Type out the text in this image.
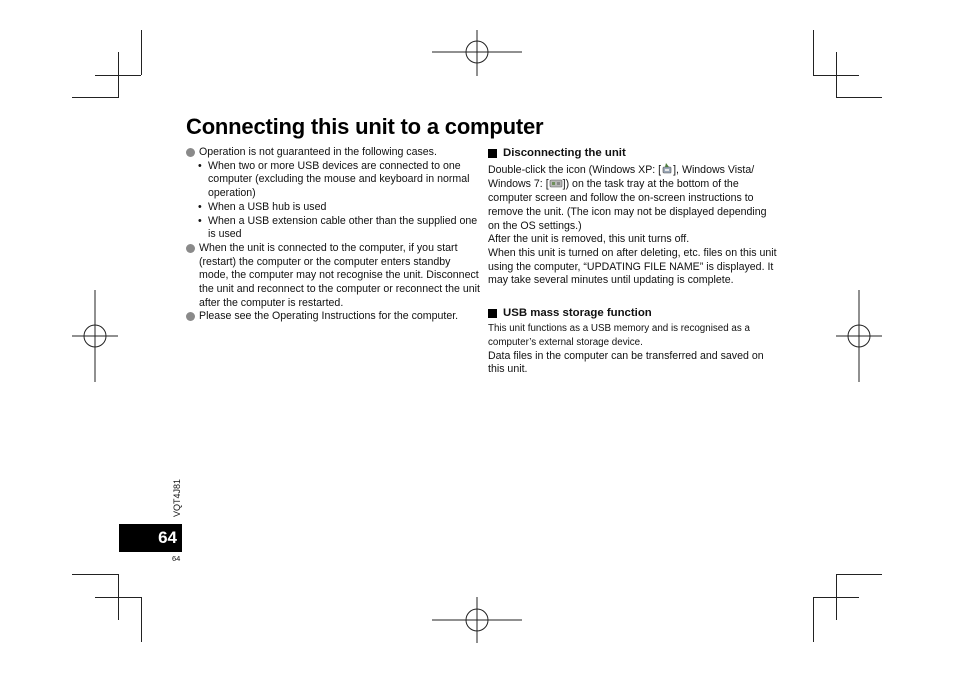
Connecting this unit to a computer
Operation is not guaranteed in the following cases.
• When two or more USB devices are connected to one computer (excluding the mouse and keyboard in normal operation)
• When a USB hub is used
• When a USB extension cable other than the supplied one is used
When the unit is connected to the computer, if you start (restart) the computer or the computer enters standby mode, the computer may not recognise the unit. Disconnect the unit and reconnect to the computer or reconnect the unit after the computer is restarted.
Please see the Operating Instructions for the computer.
Disconnecting the unit
Double-click the icon (Windows XP: [ ], Windows Vista/ Windows 7: [ ]) on the task tray at the bottom of the computer screen and follow the on-screen instructions to remove the unit. (The icon may not be displayed depending on the OS settings.)
After the unit is removed, this unit turns off.
When this unit is turned on after deleting, etc. files on this unit using the computer, “UPDATING FILE NAME” is displayed. It may take several minutes until updating is complete.
USB mass storage function
This unit functions as a USB memory and is recognised as a computer’s external storage device.
Data files in the computer can be transferred and saved on this unit.
VQT4J81
64
64
